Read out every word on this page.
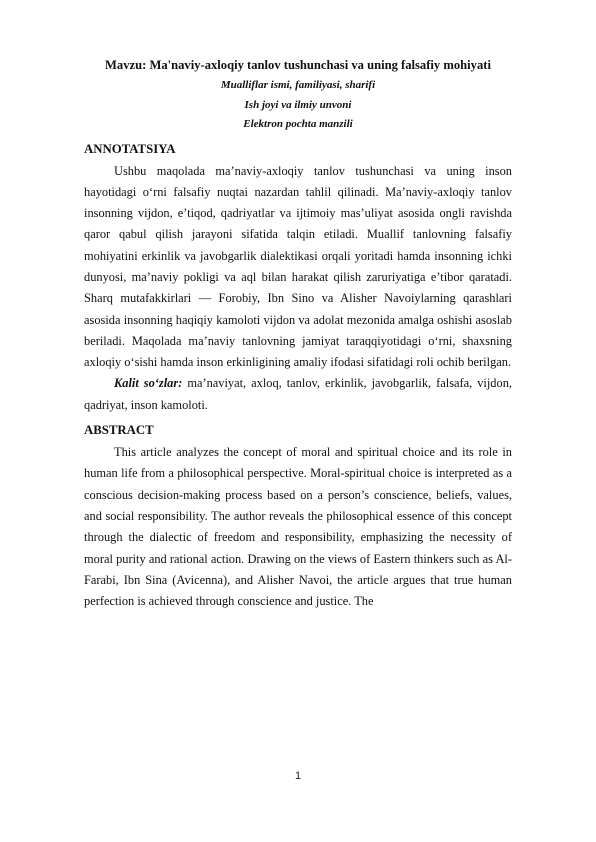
Mavzu: Ma'naviy-axloqiy tanlov tushunchasi va uning falsafiy mohiyati

Mualliflar ismi, familiyasi, sharifi

Ish joyi va ilmiy unvoni

Elektron pochta manzili

ANNOTATSIYA

Ushbu maqolada ma’naviy-axloqiy tanlov tushunchasi va uning inson hayotidagi o‘rni falsafiy nuqtai nazardan tahlil qilinadi. Ma’naviy-axloqiy tanlov insonning vijdon, e’tiqod, qadriyatlar va ijtimoiy mas’uliyat asosida ongli ravishda qaror qabul qilish jarayoni sifatida talqin etiladi. Muallif tanlovning falsafiy mohiyatini erkinlik va javobgarlik dialektikasi orqali yoritadi hamda insonning ichki dunyosi, ma’naviy pokligi va aql bilan harakat qilish zaruriyatiga e’tibor qaratadi. Sharq mutafakkirlari — Forobiy, Ibn Sino va Alisher Navoiylarning qarashlari asosida insonning haqiqiy kamoloti vijdon va adolat mezonida amalga oshishi asoslab beriladi. Maqolada ma’naviy tanlovning jamiyat taraqqiyotidagi o‘rni, shaxsning axloqiy o‘sishi hamda inson erkinligining amaliy ifodasi sifatidagi roli ochib berilgan.

Kalit so‘zlar: ma’naviyat, axloq, tanlov, erkinlik, javobgarlik, falsafa, vijdon, qadriyat, inson kamoloti.

ABSTRACT

This article analyzes the concept of moral and spiritual choice and its role in human life from a philosophical perspective. Moral-spiritual choice is interpreted as a conscious decision-making process based on a person’s conscience, beliefs, values, and social responsibility. The author reveals the philosophical essence of this concept through the dialectic of freedom and responsibility, emphasizing the necessity of moral purity and rational action. Drawing on the views of Eastern thinkers such as Al-Farabi, Ibn Sina (Avicenna), and Alisher Navoi, the article argues that true human perfection is achieved through conscience and justice. The

1
